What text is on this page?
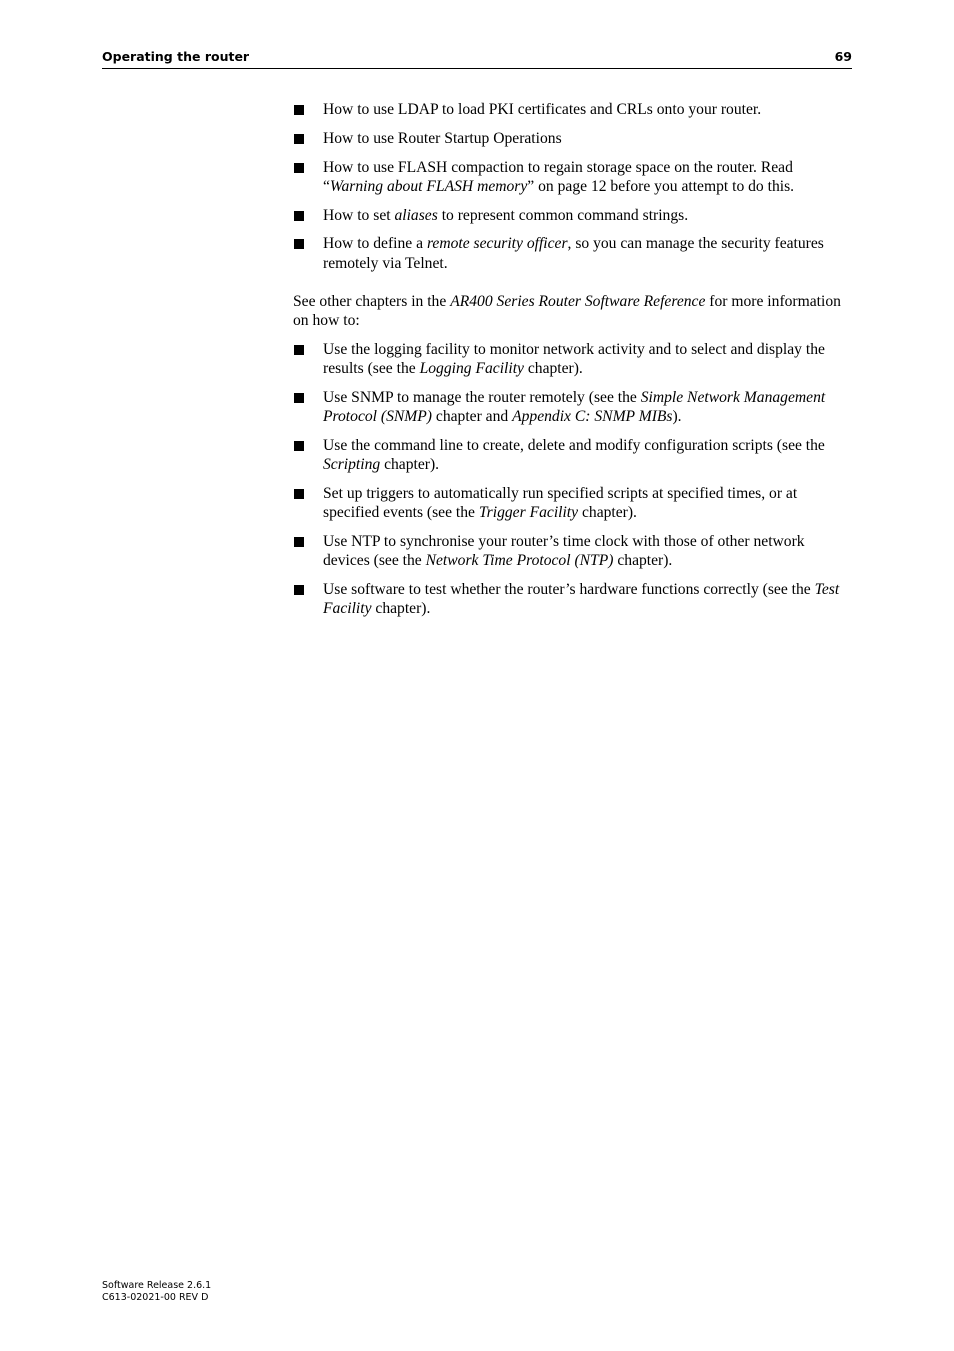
Operating the router	69
How to use LDAP to load PKI certificates and CRLs onto your router.
How to use Router Startup Operations
How to use FLASH compaction to regain storage space on the router. Read “Warning about FLASH memory” on page 12 before you attempt to do this.
How to set aliases to represent common command strings.
How to define a remote security officer, so you can manage the security features remotely via Telnet.

See other chapters in the AR400 Series Router Software Reference for more information on how to:

Use the logging facility to monitor network activity and to select and display the results (see the Logging Facility chapter).
Use SNMP to manage the router remotely (see the Simple Network Management Protocol (SNMP) chapter and Appendix C: SNMP MIBs).
Use the command line to create, delete and modify configuration scripts (see the Scripting chapter).
Set up triggers to automatically run specified scripts at specified times, or at specified events (see the Trigger Facility chapter).
Use NTP to synchronise your router’s time clock with those of other network devices (see the Network Time Protocol (NTP) chapter).
Use software to test whether the router’s hardware functions correctly (see the Test Facility chapter).
Software Release 2.6.1
C613-02021-00 REV D
